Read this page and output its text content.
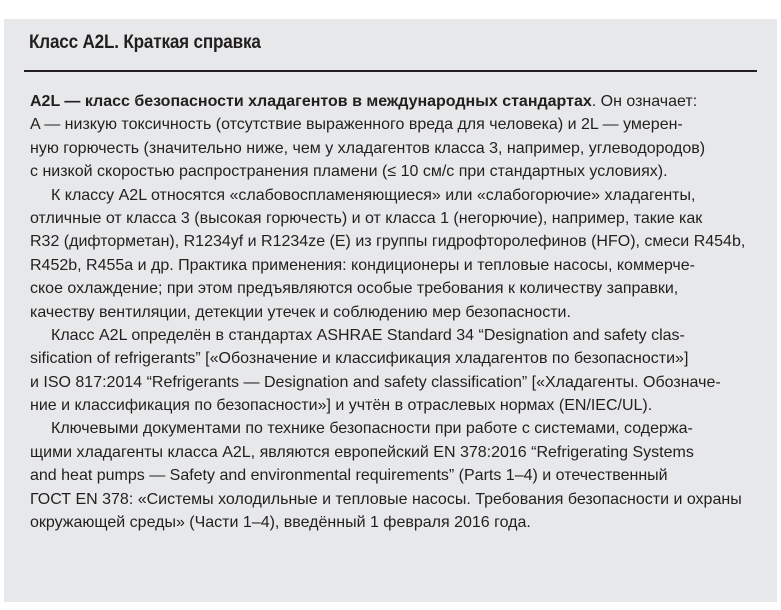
Класс A2L. Краткая справка
A2L — класс безопасности хладагентов в международных стандартах. Он означает:
A — низкую токсичность (отсутствие выраженного вреда для человека) и 2L — умерен-
ную горючесть (значительно ниже, чем у хладагентов класса 3, например, углеводородов)
с низкой скоростью распространения пламени (≤ 10 см/с при стандартных условиях).
К классу A2L относятся «слабовоспламеняющиеся» или «слабогорючие» хладагенты,
отличные от класса 3 (высокая горючесть) и от класса 1 (негорючие), например, такие как
R32 (дифторметан), R1234yf и R1234ze (E) из группы гидрофторолефинов (HFO), смеси R454b,
R452b, R455a и др. Практика применения: кондиционеры и тепловые насосы, коммерче-
ское охлаждение; при этом предъявляются особые требования к количеству заправки,
качеству вентиляции, детекции утечек и соблюдению мер безопасности.
Класс A2L определён в стандартах ASHRAE Standard 34 “Designation and safety clas-
sification of refrigerants” [«Обозначение и классификация хладагентов по безопасности»]
и ISO 817:2014 “Refrigerants — Designation and safety classification” [«Хладагенты. Обозначе-
ние и классификация по безопасности»] и учтён в отраслевых нормах (EN/IEC/UL).
Ключевыми документами по технике безопасности при работе с системами, содержа-
щими хладагенты класса A2L, являются европейский EN 378:2016 “Refrigerating Systems
and heat pumps — Safety and environmental requirements” (Parts 1–4) и отечественный
ГОСТ EN 378: «Системы холодильные и тепловые насосы. Требования безопасности и охраны
окружающей среды» (Части 1–4), введённый 1 февраля 2016 года.
